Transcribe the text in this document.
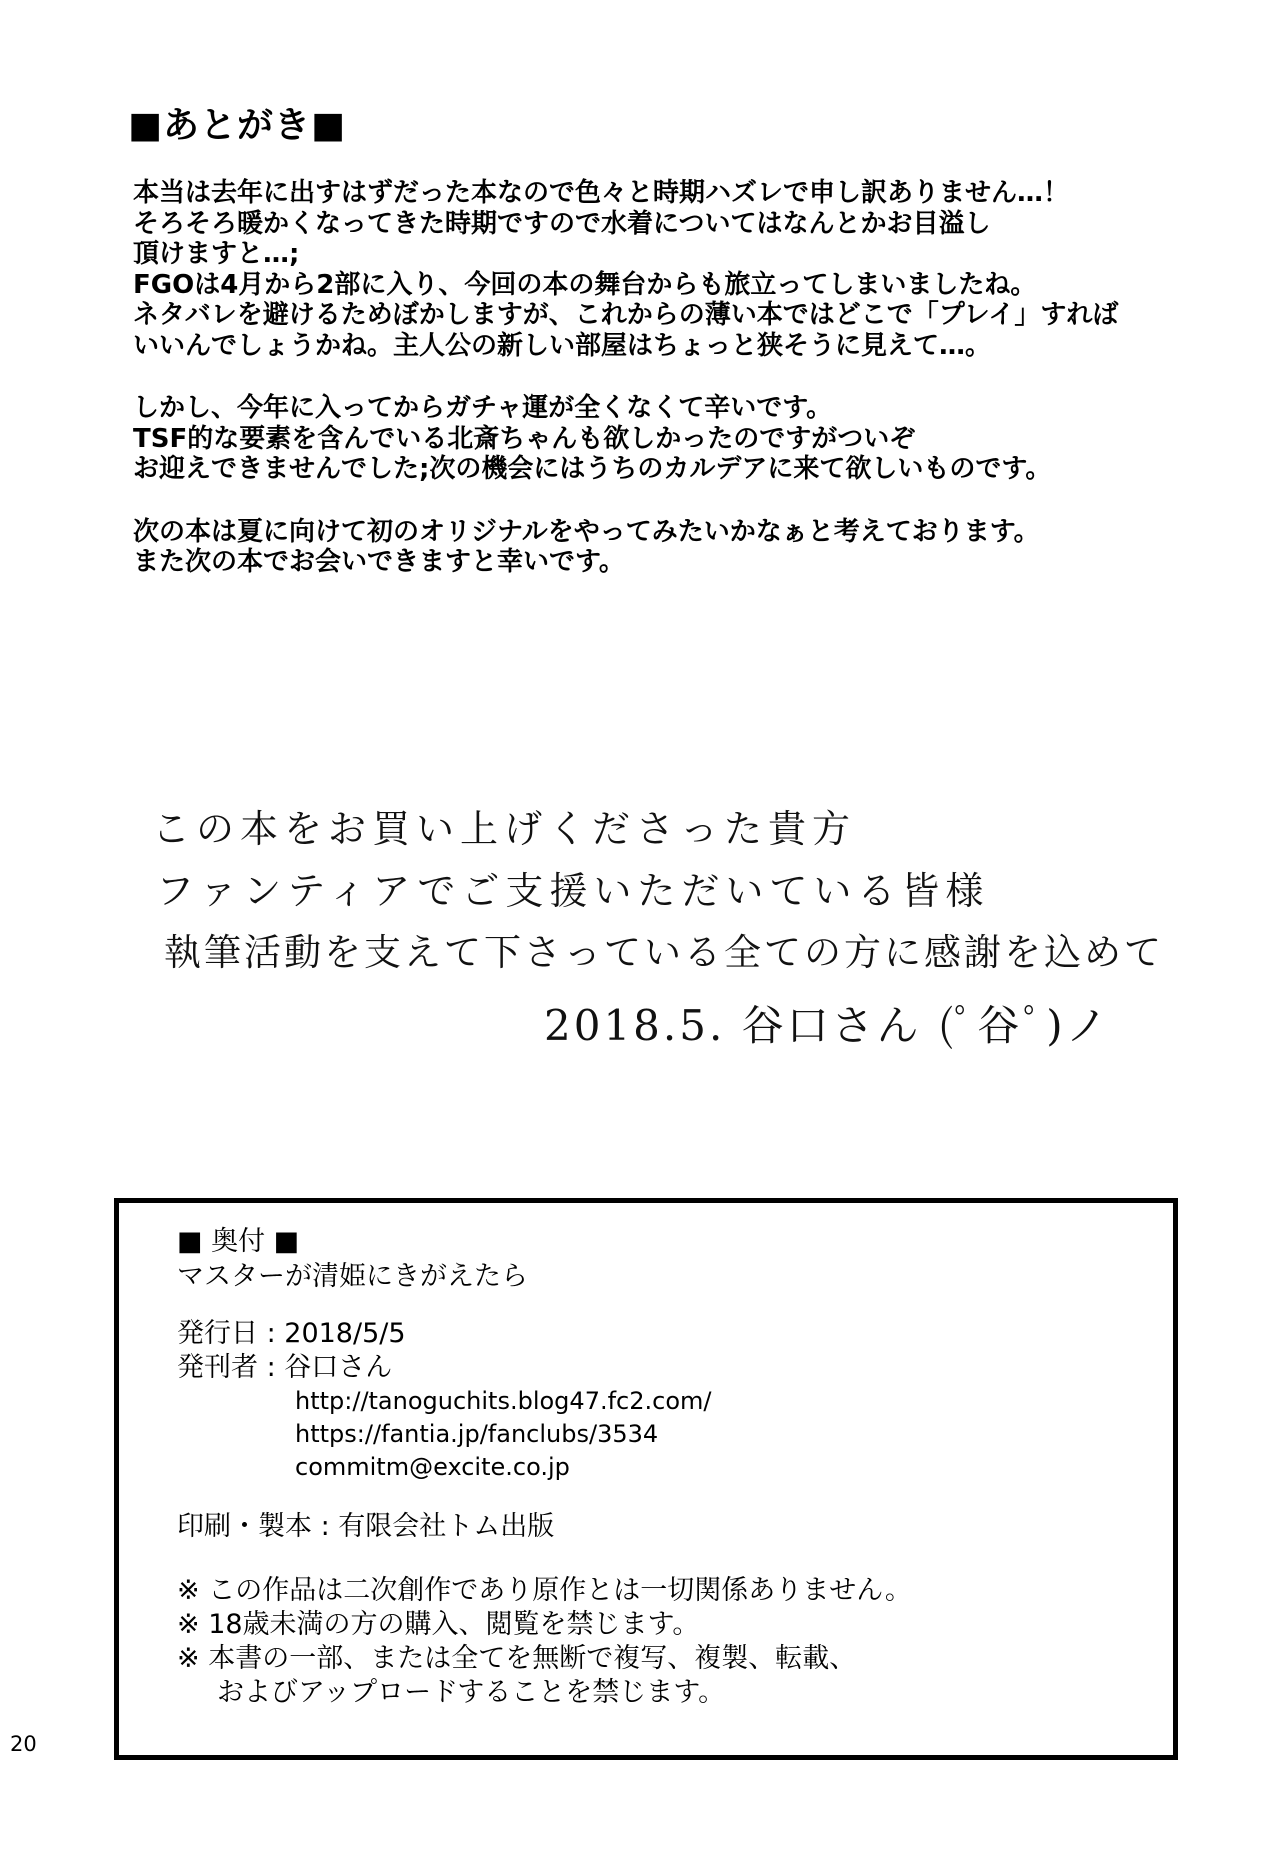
■あとがき■
本当は去年に出すはずだった本なので色々と時期ハズレで申し訳ありません…！
そろそろ暖かくなってきた時期ですので水着についてはなんとかお目溢し
頂けますと…;
FGOは4月から2部に入り、今回の本の舞台からも旅立ってしまいましたね。
ネタバレを避けるためぼかしますが、これからの薄い本ではどこで「プレイ」すれば
いいんでしょうかね。主人公の新しい部屋はちょっと狭そうに見えて…。
しかし、今年に入ってからガチャ運が全くなくて辛いです。
TSF的な要素を含んでいる北斎ちゃんも欲しかったのですがついぞ
お迎えできませんでした;次の機会にはうちのカルデアに来て欲しいものです。
次の本は夏に向けて初のオリジナルをやってみたいかなぁと考えております。
また次の本でお会いできますと幸いです。
この本をお買い上げくださった貴方
ファンティアでご支援いただいている皆様
執筆活動を支えて下さっている全ての方に感謝を込めて
2018.5. 谷口さん (ﾟ谷ﾟ)ノ
■ 奥付 ■
マスターが清姫にきがえたら
発行日 : 2018/5/5
発刊者 : 谷口さん
http://tanoguchits.blog47.fc2.com/
https://fantia.jp/fanclubs/3534
commitm@excite.co.jp
印刷・製本 : 有限会社トム出版
※ この作品は二次創作であり原作とは一切関係ありません。
※ 18歳未満の方の購入、閲覧を禁じます。
※ 本書の一部、または全てを無断で複写、複製、転載、
およびアップロードすることを禁じます。
20
